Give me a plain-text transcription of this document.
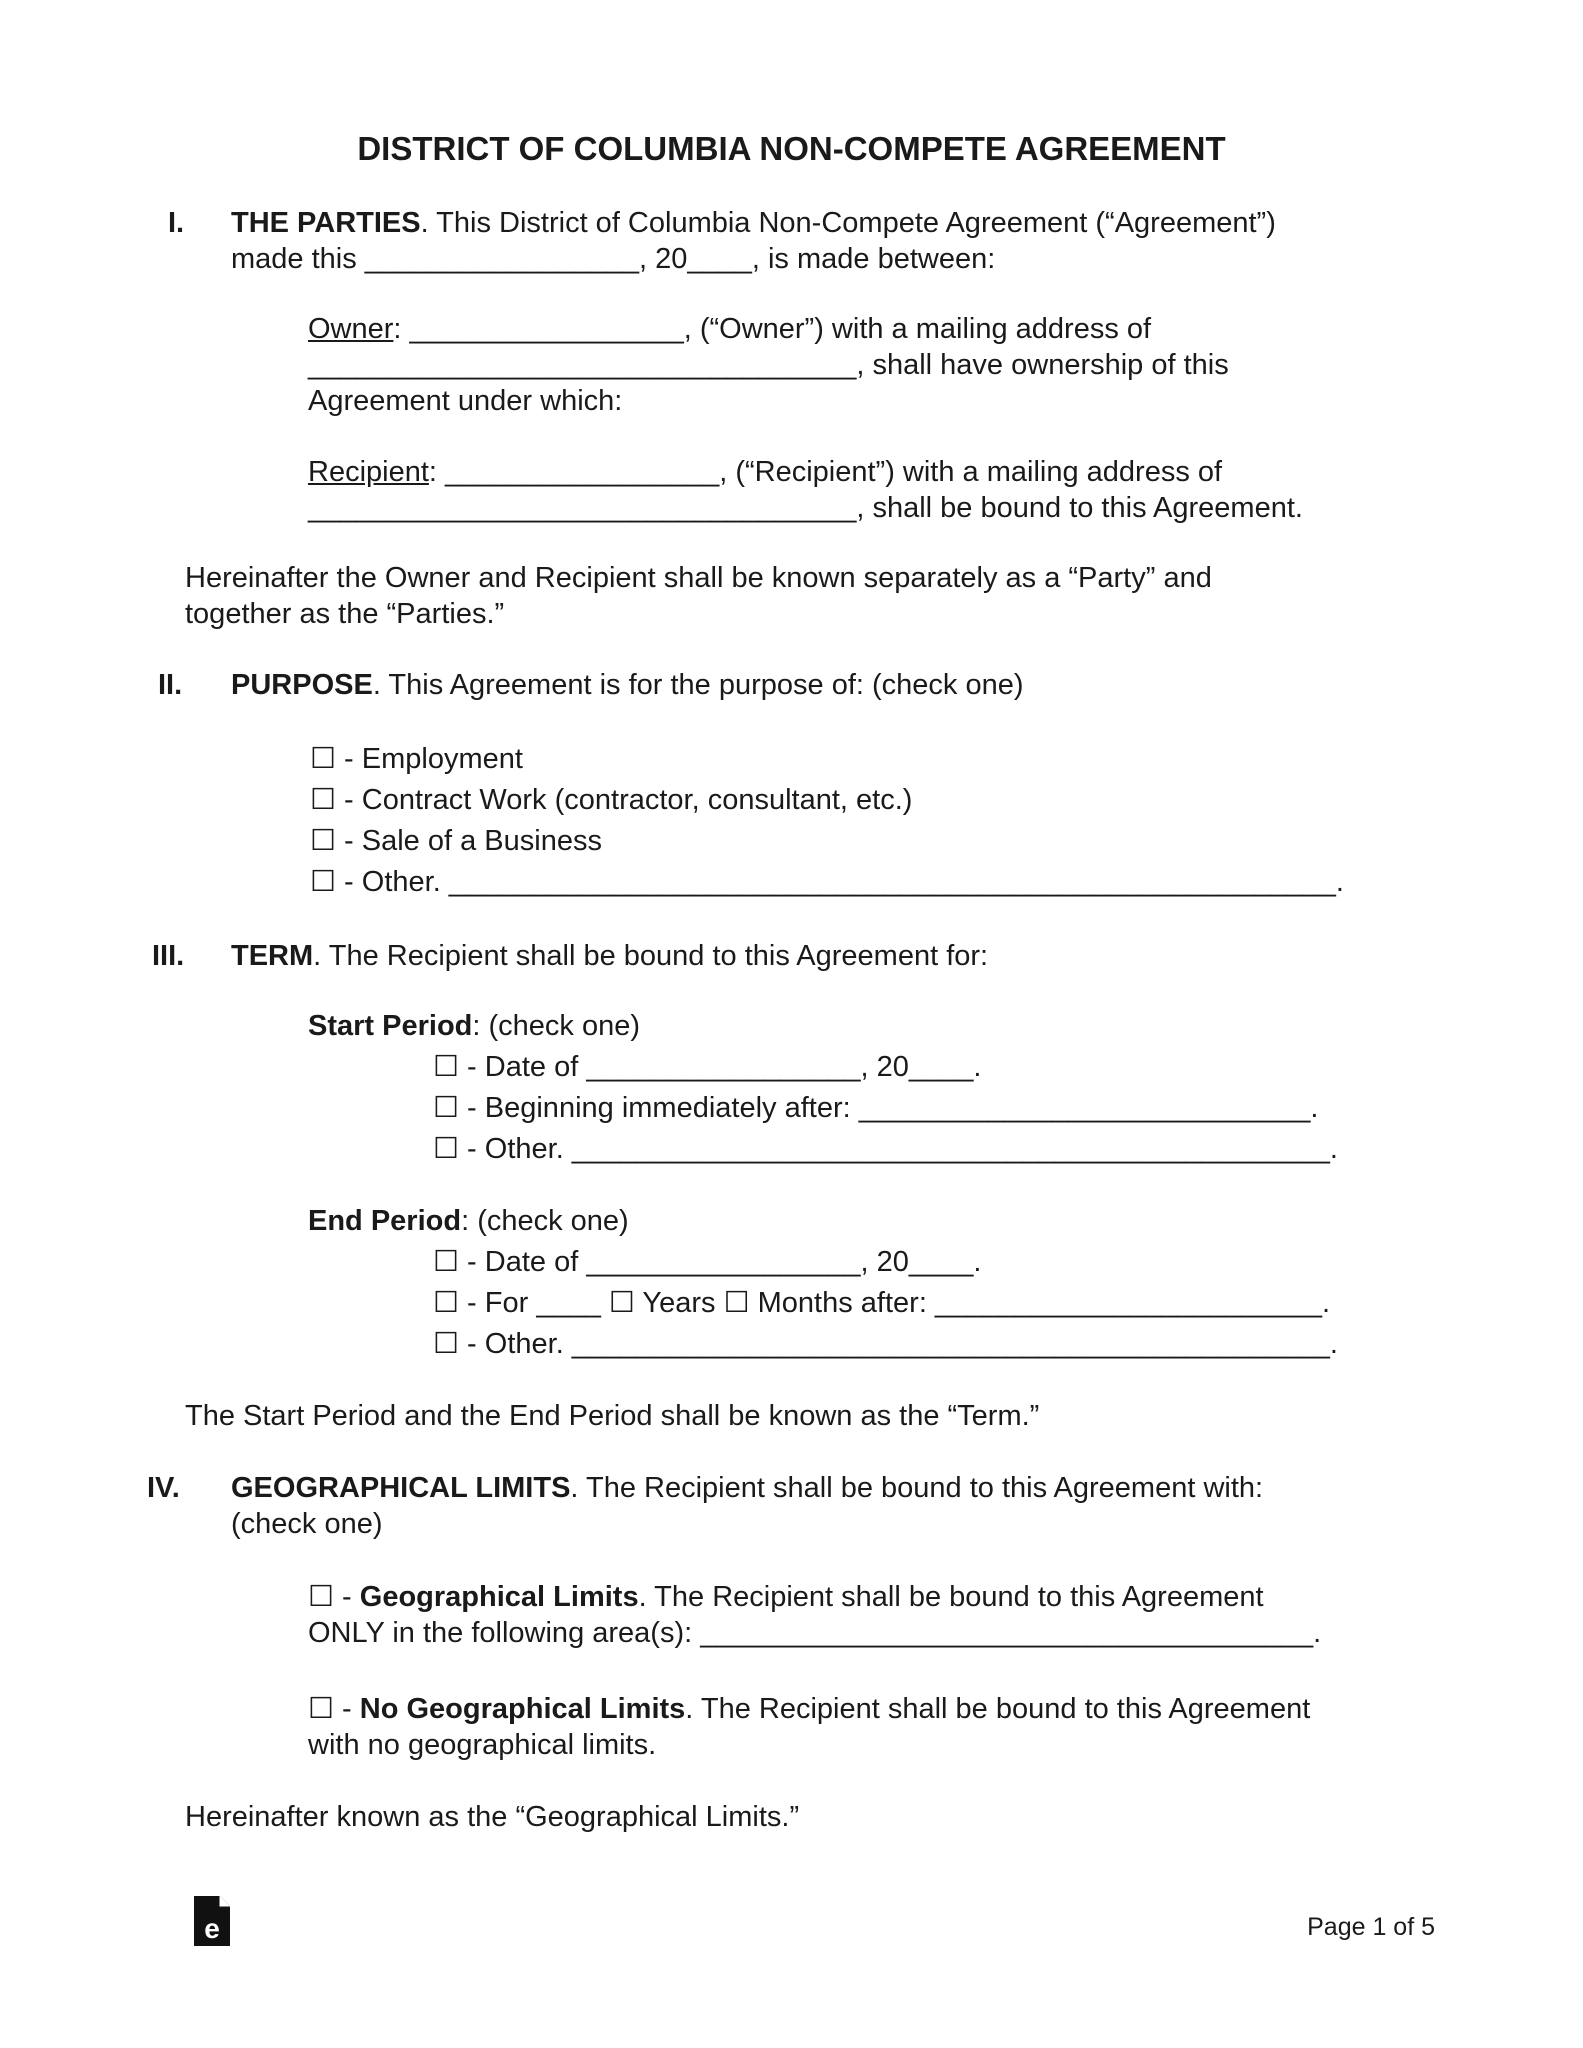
DISTRICT OF COLUMBIA NON-COMPETE AGREEMENT
I. THE PARTIES. This District of Columbia Non-Compete Agreement (“Agreement”)
made this _________________, 20____, is made between:
Owner: _________________, (“Owner”) with a mailing address of
__________________________________, shall have ownership of this
Agreement under which:
Recipient: _________________, (“Recipient”) with a mailing address of
__________________________________, shall be bound to this Agreement.
Hereinafter the Owner and Recipient shall be known separately as a “Party” and
together as the “Parties.”
II. PURPOSE. This Agreement is for the purpose of: (check one)
☐ - Employment
☐ - Contract Work (contractor, consultant, etc.)
☐ - Sale of a Business
☐ - Other. _______________________________________________________.
III. TERM. The Recipient shall be bound to this Agreement for:
Start Period: (check one)
☐ - Date of _________________, 20____.
☐ - Beginning immediately after: ____________________________.
☐ - Other. _______________________________________________.
End Period: (check one)
☐ - Date of _________________, 20____.
☐ - For ____ ☐ Years ☐ Months after: ________________________.
☐ - Other. _______________________________________________.
The Start Period and the End Period shall be known as the “Term.”
IV. GEOGRAPHICAL LIMITS. The Recipient shall be bound to this Agreement with:
(check one)
☐ - Geographical Limits. The Recipient shall be bound to this Agreement
ONLY in the following area(s): ______________________________________.
☐ - No Geographical Limits. The Recipient shall be bound to this Agreement
with no geographical limits.
Hereinafter known as the “Geographical Limits.”
e	Page 1 of 5
